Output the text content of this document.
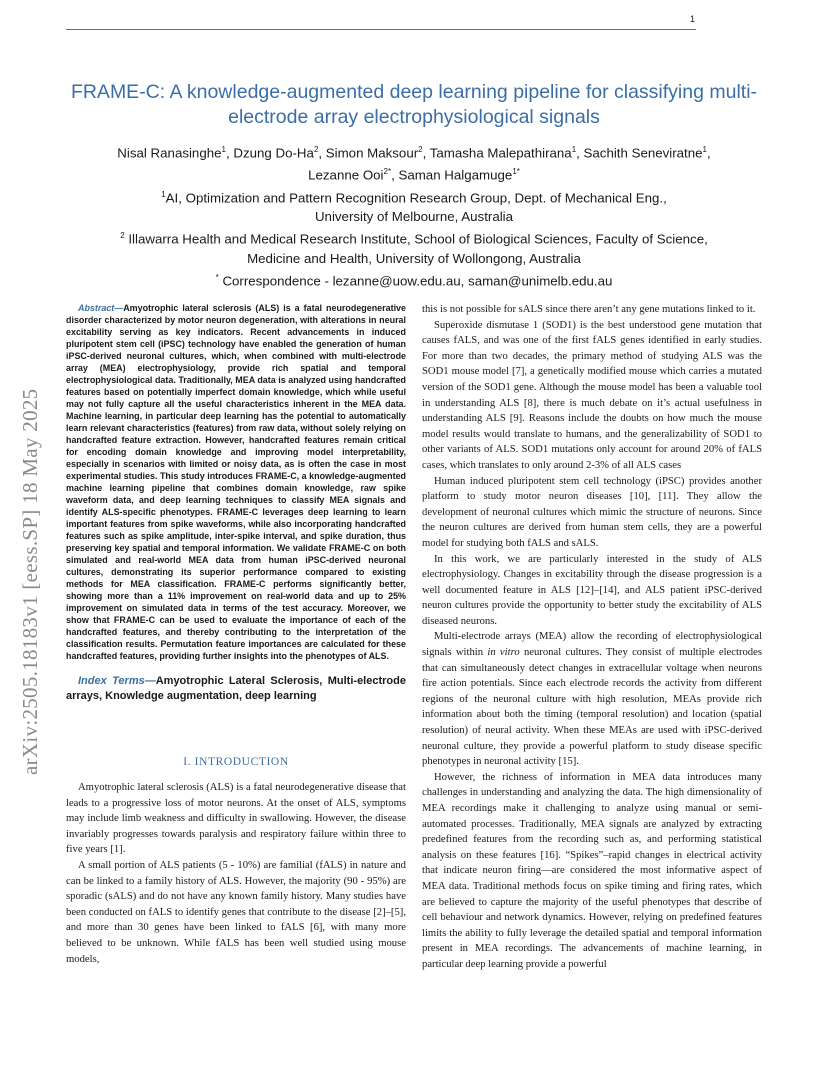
1
FRAME-C: A knowledge-augmented deep learning pipeline for classifying multi-electrode array electrophysiological signals
Nisal Ranasinghe$^1$, Dzung Do-Ha$^2$, Simon Maksour$^2$, Tamasha Malepathirana$^1$, Sachith Seneviratne$^1$,
Lezanne Ooi$^{2*}$, Saman Halgamuge$^{1*}$
$^1$AI, Optimization and Pattern Recognition Research Group, Dept. of Mechanical Eng.,
University of Melbourne, Australia
$^2$ Illawarra Health and Medical Research Institute, School of Biological Sciences, Faculty of Science,
Medicine and Health, University of Wollongong, Australia
* Correspondence - lezanne@uow.edu.au, saman@unimelb.edu.au
arXiv:2505.18183v1 [eess.SP] 18 May 2025

Abstract—Amyotrophic lateral sclerosis (ALS) is a fatal neurodegenerative disorder characterized by motor neuron degeneration, with alterations in neural excitability serving as key indicators. Recent advancements in induced pluripotent stem cell (iPSC) technology have enabled the generation of human iPSC-derived neuronal cultures, which, when combined with multi-electrode array (MEA) electrophysiology, provide rich spatial and temporal electrophysiological data. Traditionally, MEA data is analyzed using handcrafted features based on potentially imperfect domain knowledge, which while useful may not fully capture all the useful characteristics inherent in the MEA data. Machine learning, in particular deep learning has the potential to automatically learn relevant characteristics (features) from raw data, without solely relying on handcrafted feature extraction. However, handcrafted features remain critical for encoding domain knowledge and improving model interpretability, especially in scenarios with limited or noisy data, as is often the case in most experimental studies. This study introduces FRAME-C, a knowledge-augmented machine learning pipeline that combines domain knowledge, raw spike waveform data, and deep learning techniques to classify MEA signals and identify ALS-specific phenotypes. FRAME-C leverages deep learning to learn important features from spike waveforms, while also incorporating handcrafted features such as spike amplitude, inter-spike interval, and spike duration, thus preserving key spatial and temporal information. We validate FRAME-C on both simulated and real-world MEA data from human iPSC-derived neuronal cultures, demonstrating its superior performance compared to existing methods for MEA classification. FRAME-C performs significantly better, showing more than a 11% improvement on real-world data and up to 25% improvement on simulated data in terms of the test accuracy. Moreover, we show that FRAME-C can be used to evaluate the importance of each of the handcrafted features, and thereby contributing to the interpretation of the classification results. Permutation feature importances are calculated for these handcrafted features, providing further insights into the phenotypes of ALS.

Index Terms—Amyotrophic Lateral Sclerosis, Multi-electrode arrays, Knowledge augmentation, deep learning

I. INTRODUCTION

Amyotrophic lateral sclerosis (ALS) is a fatal neurodegenerative disease that leads to a progressive loss of motor neurons. At the onset of ALS, symptoms may include limb weakness and difficulty in swallowing. However, the disease invariably progresses towards paralysis and respiratory failure within three to five years [1].

A small portion of ALS patients (5 - 10%) are familial (fALS) in nature and can be linked to a family history of ALS. However, the majority (90 - 95%) are sporadic (sALS) and do not have any known family history. Many studies have been conducted on fALS to identify genes that contribute to the disease [2]–[5], and more than 30 genes have been linked to fALS [6], with many more believed to be unknown. While fALS has been well studied using mouse models,

this is not possible for sALS since there aren’t any gene mutations linked to it.

Superoxide dismutase 1 (SOD1) is the best understood gene mutation that causes fALS, and was one of the first fALS genes identified in early studies. For more than two decades, the primary method of studying ALS was the SOD1 mouse model [7], a genetically modified mouse which carries a mutated version of the SOD1 gene. Although the mouse model has been a valuable tool in understanding ALS [8], there is much debate on it’s actual usefulness in understanding ALS [9]. Reasons include the doubts on how much the mouse model results would translate to humans, and the generalizability of SOD1 to other variants of ALS. SOD1 mutations only account for around 20% of fALS cases, which translates to only around 2-3% of all ALS cases

Human induced pluripotent stem cell technology (iPSC) provides another platform to study motor neuron diseases [10], [11]. They allow the development of neuronal cultures which mimic the structure of neurons. Since the neuron cultures are derived from human stem cells, they are a powerful model for studying both fALS and sALS.

In this work, we are particularly interested in the study of ALS electrophysiology. Changes in excitability through the disease progression is a well documented feature in ALS [12]–[14], and ALS patient iPSC-derived neuron cultures provide the opportunity to better study the excitability of ALS diseased neurons.

Multi-electrode arrays (MEA) allow the recording of electrophysiological signals within in vitro neuronal cultures. They consist of multiple electrodes that can simultaneously detect changes in extracellular voltage when neurons fire action potentials. Since each electrode records the activity from different regions of the neuronal culture with high resolution, MEAs provide rich information about both the timing (temporal resolution) and location (spatial resolution) of neural activity. When these MEAs are used with iPSC-derived neuronal culture, they provide a powerful platform to study disease specific phenotypes in neuronal activity [15].

However, the richness of information in MEA data introduces many challenges in understanding and analyzing the data. The high dimensionality of MEA recordings make it challenging to analyze using manual or semi-automated processes. Traditionally, MEA signals are analyzed by extracting predefined features from the recording such as, and performing statistical analysis on these features [16]. “Spikes”–rapid changes in electrical activity that indicate neuron firing—are considered the most informative aspect of MEA data. Traditional methods focus on spike timing and firing rates, which are believed to capture the majority of the useful phenotypes that describe of cell behaviour and network dynamics. However, relying on predefined features limits the ability to fully leverage the detailed spatial and temporal information present in MEA recordings. The advancements of machine learning, in particular deep learning provide a powerful
